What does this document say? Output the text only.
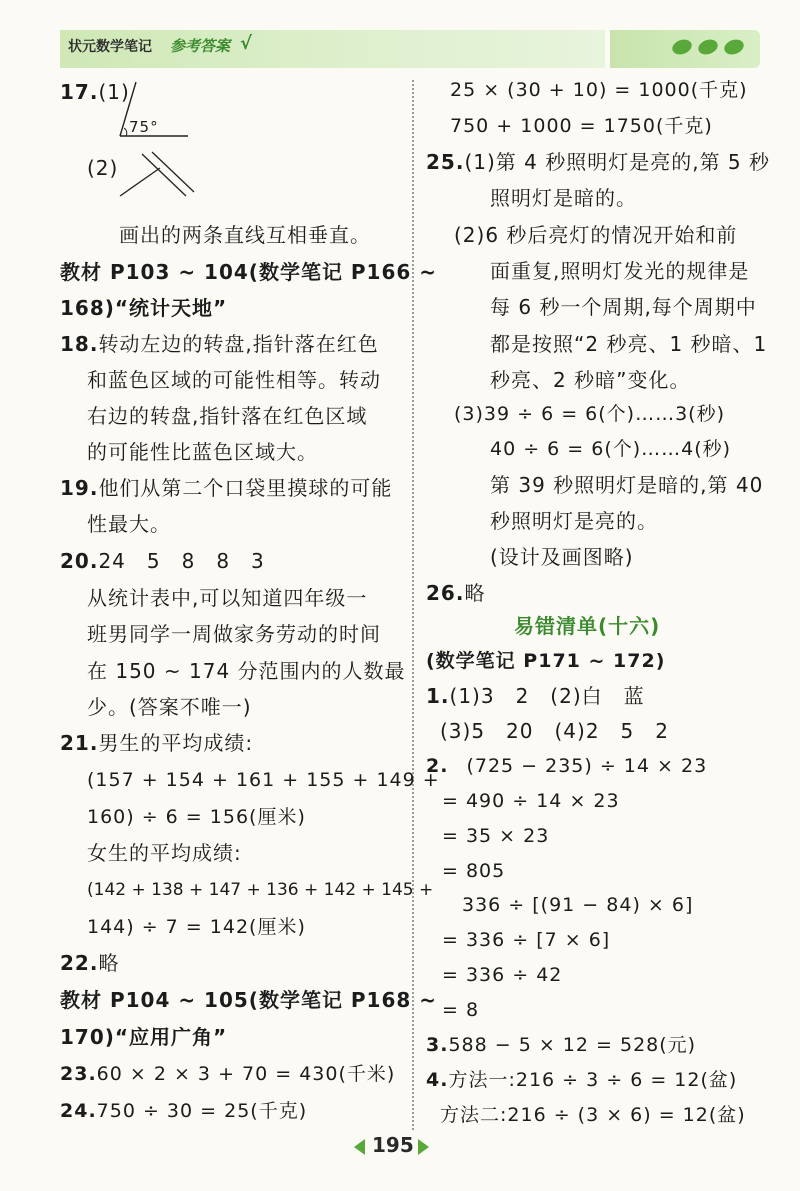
状元数学笔记 参考答案 √
17.(1)
75°
(2)
画出的两条直线互相垂直。
教材 P103 ~ 104(数学笔记 P166 ~
168)“统计天地”
18.转动左边的转盘,指针落在红色
和蓝色区域的可能性相等。转动
右边的转盘,指针落在红色区域
的可能性比蓝色区域大。
19.他们从第二个口袋里摸球的可能
性最大。
20.24　5　8　8　3
从统计表中,可以知道四年级一
班男同学一周做家务劳动的时间
在 150 ~ 174 分范围内的人数最
少。(答案不唯一)
21.男生的平均成绩:
(157 + 154 + 161 + 155 + 149 +
160) ÷ 6 = 156(厘米)
女生的平均成绩:
(142 + 138 + 147 + 136 + 142 + 145 +
144) ÷ 7 = 142(厘米)
22.略
教材 P104 ~ 105(数学笔记 P168 ~
170)“应用广角”
23.60 × 2 × 3 + 70 = 430(千米)
24.750 ÷ 30 = 25(千克)
25 × (30 + 10) = 1000(千克)
750 + 1000 = 1750(千克)
25.(1)第 4 秒照明灯是亮的,第 5 秒
照明灯是暗的。
(2)6 秒后亮灯的情况开始和前
面重复,照明灯发光的规律是
每 6 秒一个周期,每个周期中
都是按照“2 秒亮、1 秒暗、1
秒亮、2 秒暗”变化。
(3)39 ÷ 6 = 6(个)……3(秒)
40 ÷ 6 = 6(个)……4(秒)
第 39 秒照明灯是暗的,第 40
秒照明灯是亮的。
(设计及画图略)
26.略
易错清单(十六)
(数学笔记 P171 ~ 172)
1.(1)3　2　(2)白　蓝
(3)5　20　(4)2　5　2
2. (725 − 235) ÷ 14 × 23
= 490 ÷ 14 × 23
= 35 × 23
= 805
336 ÷ [(91 − 84) × 6]
= 336 ÷ [7 × 6]
= 336 ÷ 42
= 8
3.588 − 5 × 12 = 528(元)
4.方法一:216 ÷ 3 ÷ 6 = 12(盆)
方法二:216 ÷ (3 × 6) = 12(盆)
195
